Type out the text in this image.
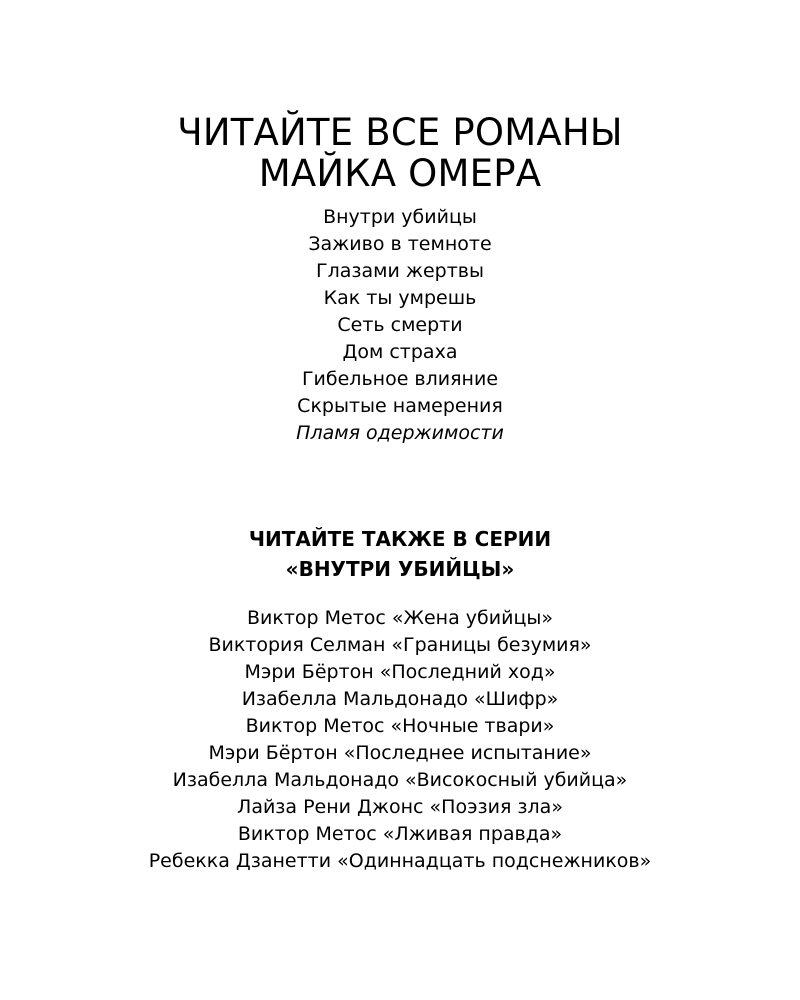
ЧИТАЙТЕ ВСЕ РОМАНЫ
МАЙКА ОМЕРА
Внутри убийцы
Заживо в темноте
Глазами жертвы
Как ты умрешь
Сеть смерти
Дом страха
Гибельное влияние
Скрытые намерения
Пламя одержимости
ЧИТАЙТЕ ТАКЖЕ В СЕРИИ
«ВНУТРИ УБИЙЦЫ»
Виктор Метос «Жена убийцы»
Виктория Селман «Границы безумия»
Мэри Бёртон «Последний ход»
Изабелла Мальдонадо «Шифр»
Виктор Метос «Ночные твари»
Мэри Бёртон «Последнее испытание»
Изабелла Мальдонадо «Високосный убийца»
Лайза Рени Джонс «Поэзия зла»
Виктор Метос «Лживая правда»
Ребекка Дзанетти «Одиннадцать подснежников»
